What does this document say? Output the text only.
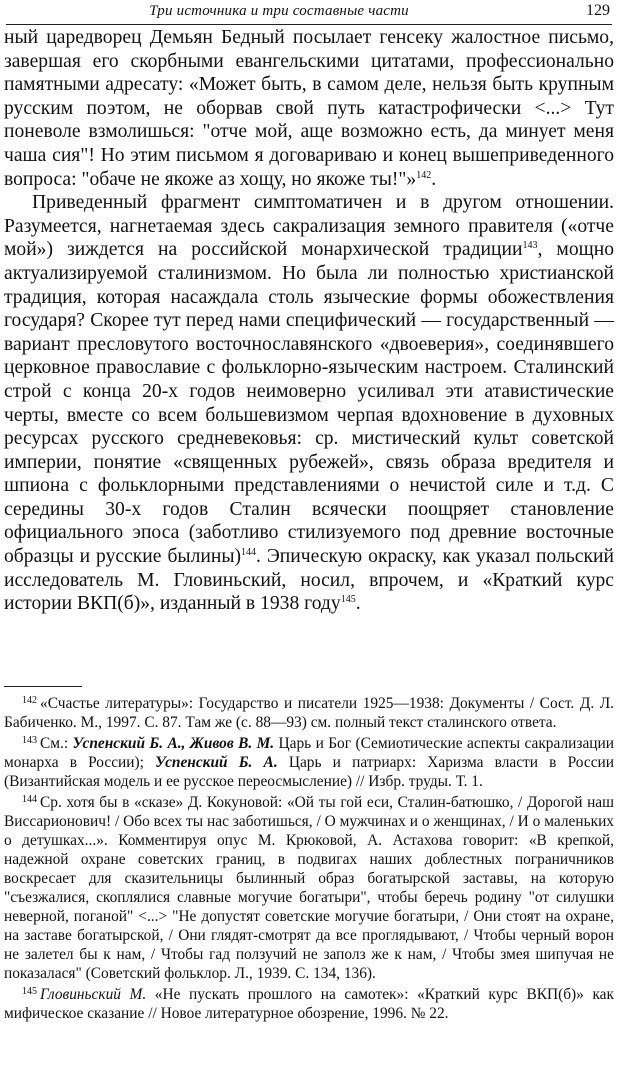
Три источника и три составные части	129

ный царедворец Демьян Бедный посылает генсеку жалостное письмо, завершая его скорбными евангельскими цитатами, профессионально памятными адресату: «Может быть, в самом деле, нельзя быть крупным русским поэтом, не оборвав свой путь катастрофически <...> Тут поневоле взмолишься: "отче мой, аще возможно есть, да минует меня чаша сия"! Но этим письмом я договариваю и конец вышеприведенного вопроса: "обаче не якоже аз хощу, но якоже ты!"»$^{142}$.

Приведенный фрагмент симптоматичен и в другом отношении. Разумеется, нагнетаемая здесь сакрализация земного правителя («отче мой») зиждется на российской монархической традиции$^{143}$, мощно актуализируемой сталинизмом. Но была ли полностью христианской традиция, которая насаждала столь языческие формы обожествления государя? Скорее тут перед нами специфический — государственный — вариант пресловутого восточнославянского «двоеверия», соединявшего церковное православие с фольклорно-языческим настроем. Сталинский строй с конца 20-х годов неимоверно усиливал эти атавистические черты, вместе со всем большевизмом черпая вдохновение в духовных ресурсах русского средневековья: ср. мистический культ советской империи, понятие «священных рубежей», связь образа вредителя и шпиона с фольклорными представлениями о нечистой силе и т.д. С середины 30-х годов Сталин всячески поощряет становление официального эпоса (заботливо стилизуемого под древние восточные образцы и русские былины)$^{144}$. Эпическую окраску, как указал польский исследователь М. Гловиньский, носил, впрочем, и «Краткий курс истории ВКП(б)», изданный в 1938 году$^{145}$.

$^{142}$ «Счастье литературы»: Государство и писатели 1925—1938: Документы / Сост. Д. Л. Бабиченко. М., 1997. С. 87. Там же (с. 88—93) см. полный текст сталинского ответа.

$^{143}$ См.: Успенский Б. А., Живов В. М. Царь и Бог (Семиотические аспекты сакрализации монарха в России); Успенский Б. А. Царь и патриарх: Харизма власти в России (Византийская модель и ее русское переосмысление) // Избр. труды. Т. 1.

$^{144}$ Ср. хотя бы в «сказе» Д. Кокуновой: «Ой ты гой еси, Сталин-батюшко, / Дорогой наш Виссарионович! / Обо всех ты нас заботишься, / О мужчинах и о женщинах, / И о маленьких о детушках...». Комментируя опус М. Крюковой, А. Астахова говорит: «В крепкой, надежной охране советских границ, в подвигах наших доблестных пограничников воскресает для сказительницы былинный образ богатырской заставы, на которую "съезжалися, скоплялися славные могучие богатыри", чтобы беречь родину "от силушки неверной, поганой" <...> "Не допустят советские могучие богатыри, / Они стоят на охране, на заставе богатырской, / Они глядят-смотрят да все проглядывают, / Чтобы черный ворон не залетел бы к нам, / Чтобы гад ползучий не заполз же к нам, / Чтобы змея шипучая не показалася" (Советский фольклор. Л., 1939. С. 134, 136).

$^{145}$ Гловиньский М. «Не пускать прошлого на самотек»: «Краткий курс ВКП(б)» как мифическое сказание // Новое литературное обозрение, 1996. № 22.
